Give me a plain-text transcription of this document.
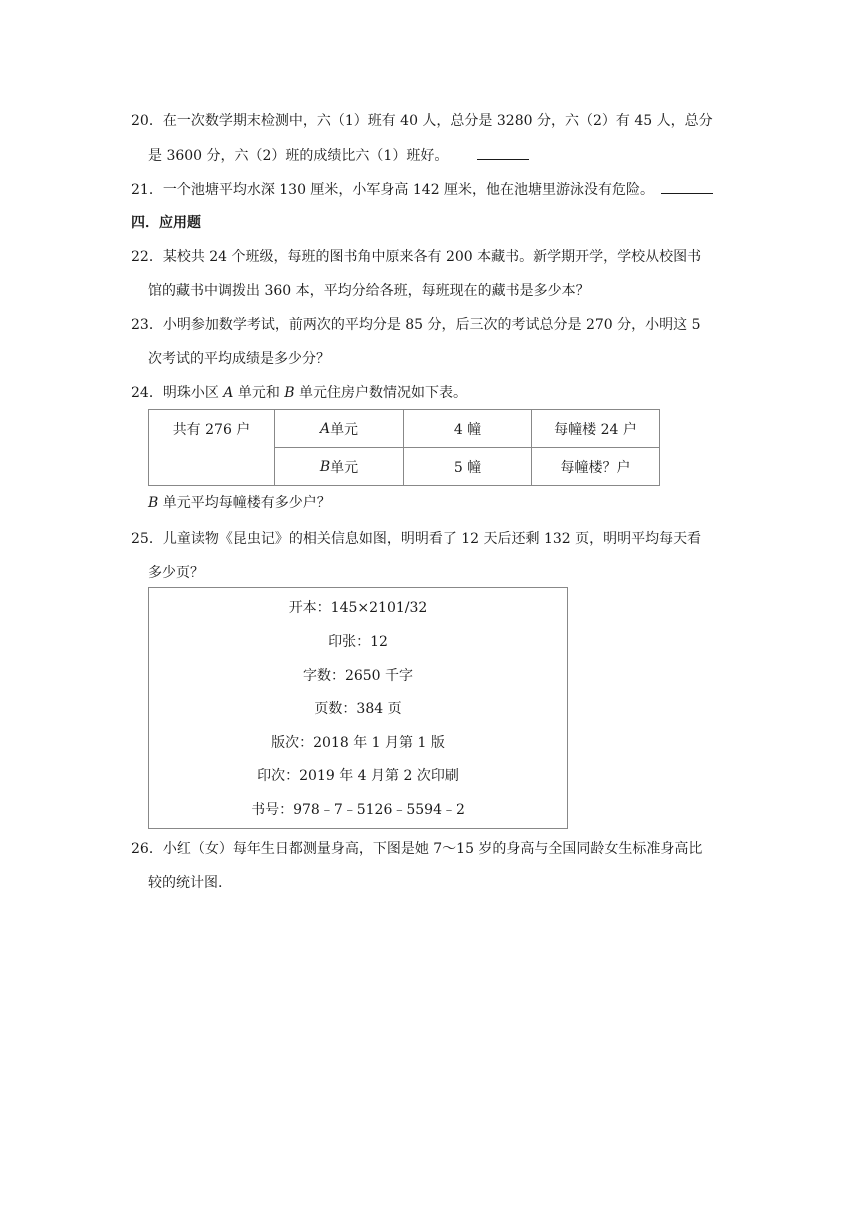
20．在一次数学期末检测中，六（1）班有 40 人，总分是 3280 分，六（2）有 45 人，总分
是 3600 分，六（2）班的成绩比六（1）班好。
21．一个池塘平均水深 130 厘米，小军身高 142 厘米，他在池塘里游泳没有危险。
四．应用题
22．某校共 24 个班级，每班的图书角中原来各有 200 本藏书。新学期开学，学校从校图书
馆的藏书中调拨出 360 本，平均分给各班，每班现在的藏书是多少本？
23．小明参加数学考试，前两次的平均分是 85 分，后三次的考试总分是 270 分，小明这 5
次考试的平均成绩是多少分？
24．明珠小区 A 单元和 B 单元住房户数情况如下表。
共有 276 户	A 单元	4 幢	每幢楼 24 户
B 单元	5 幢	每幢楼？户
B 单元平均每幢楼有多少户？
25．儿童读物《昆虫记》的相关信息如图，明明看了 12 天后还剩 132 页，明明平均每天看
多少页？
开本：145×2101/32
印张：12
字数：2650 千字
页数：384 页
版次：2018 年 1 月第 1 版
印次：2019 年 4 月第 2 次印刷
书号：978﹣7﹣5126﹣5594﹣2
26．小红（女）每年生日都测量身高，下图是她 7～15 岁的身高与全国同龄女生标准身高比
较的统计图.
